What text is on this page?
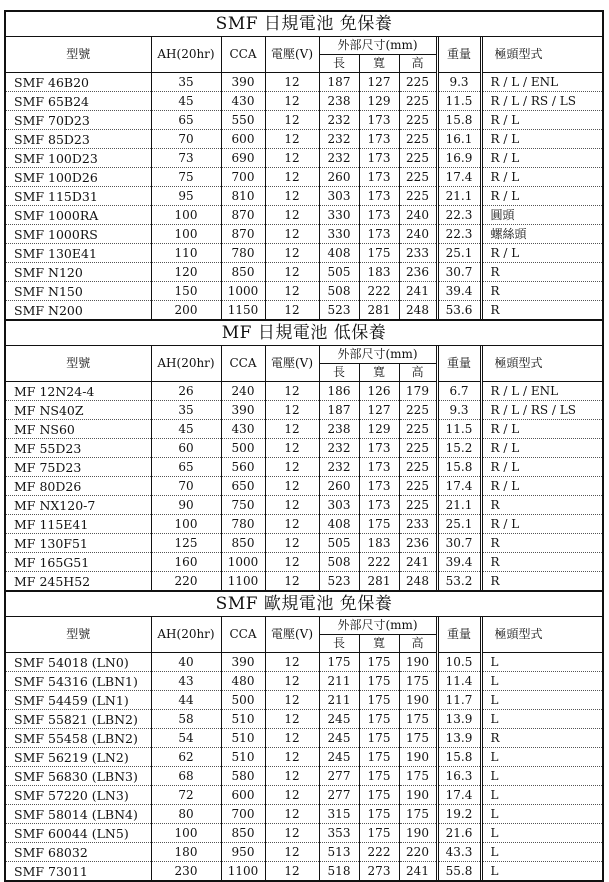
SMF 日規電池 免保養
型號	AH(20hr)	CCA	電壓(V)	外部尺寸(mm)			重量	極頭型式
				長	寬	高		
SMF 46B20	35	390	12	187	127	225	9.3	R / L / ENL
SMF 65B24	45	430	12	238	129	225	11.5	R / L / RS / LS
SMF 70D23	65	550	12	232	173	225	15.8	R / L
SMF 85D23	70	600	12	232	173	225	16.1	R / L
SMF 100D23	73	690	12	232	173	225	16.9	R / L
SMF 100D26	75	700	12	260	173	225	17.4	R / L
SMF 115D31	95	810	12	303	173	225	21.1	R / L
SMF 1000RA	100	870	12	330	173	240	22.3	圓頭
SMF 1000RS	100	870	12	330	173	240	22.3	螺絲頭
SMF 130E41	110	780	12	408	175	233	25.1	R / L
SMF N120	120	850	12	505	183	236	30.7	R
SMF N150	150	1000	12	508	222	241	39.4	R
SMF N200	200	1150	12	523	281	248	53.6	R
MF 日規電池 低保養
型號	AH(20hr)	CCA	電壓(V)	外部尺寸(mm)			重量	極頭型式
				長	寬	高		
MF 12N24-4	26	240	12	186	126	179	6.7	R / L / ENL
MF NS40Z	35	390	12	187	127	225	9.3	R / L / RS / LS
MF NS60	45	430	12	238	129	225	11.5	R / L
MF 55D23	60	500	12	232	173	225	15.2	R / L
MF 75D23	65	560	12	232	173	225	15.8	R / L
MF 80D26	70	650	12	260	173	225	17.4	R / L
MF NX120-7	90	750	12	303	173	225	21.1	R
MF 115E41	100	780	12	408	175	233	25.1	R / L
MF 130F51	125	850	12	505	183	236	30.7	R
MF 165G51	160	1000	12	508	222	241	39.4	R
MF 245H52	220	1100	12	523	281	248	53.2	R
SMF 歐規電池 免保養
型號	AH(20hr)	CCA	電壓(V)	外部尺寸(mm)			重量	極頭型式
				長	寬	高		
SMF 54018 (LN0)	40	390	12	175	175	190	10.5	L
SMF 54316 (LBN1)	43	480	12	211	175	175	11.4	L
SMF 54459 (LN1)	44	500	12	211	175	190	11.7	L
SMF 55821 (LBN2)	58	510	12	245	175	175	13.9	L
SMF 55458 (LBN2)	54	510	12	245	175	175	13.9	R
SMF 56219 (LN2)	62	510	12	245	175	190	15.8	L
SMF 56830 (LBN3)	68	580	12	277	175	175	16.3	L
SMF 57220 (LN3)	72	600	12	277	175	190	17.4	L
SMF 58014 (LBN4)	80	700	12	315	175	175	19.2	L
SMF 60044 (LN5)	100	850	12	353	175	190	21.6	L
SMF 68032	180	950	12	513	222	220	43.3	L
SMF 73011	230	1100	12	518	273	241	55.8	L
